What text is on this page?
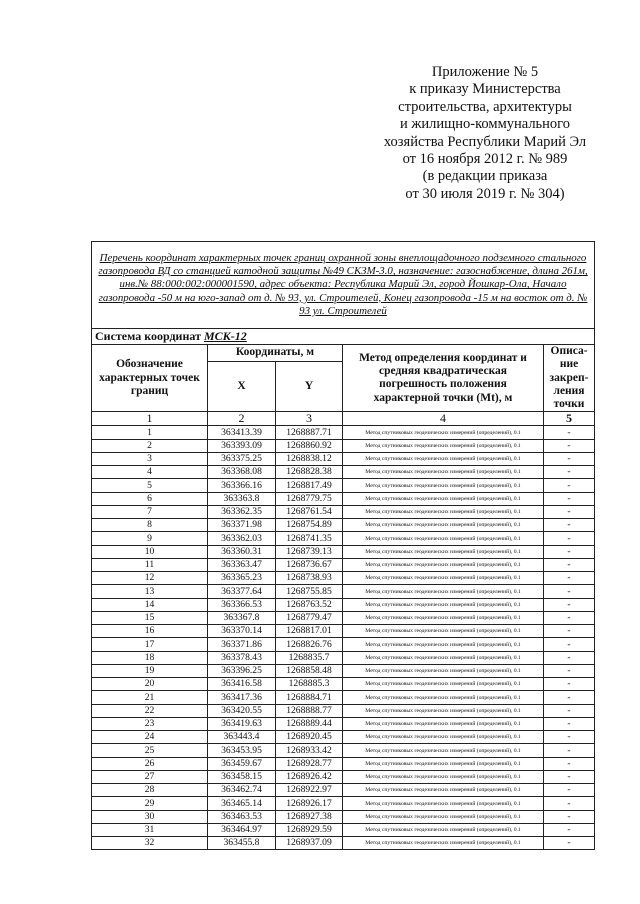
Приложение № 5
к приказу Министерства
строительства, архитектуры
и жилищно-коммунального
хозяйства Республики Марий Эл
от 16 ноября 2012 г. № 989
(в редакции приказа
от 30 июля 2019 г. № 304)
Перечень координат характерных точек границ охранной зоны внеплощадочного подземного стального газопровода ВД со станцией катодной защиты №49 СКЗМ-3.0, назначение: газоснабжение, длина 261м, инв.№ 88:000:002:000001590, адрес объекта: Республика Марий Эл, город Йошкар-Ола, Начало газопровода -50 м на юго-запад от д. № 93, ул. Строителей, Конец газопровода -15 м на восток от д. № 93 ул. Строителей				
Система координат МСК-12				
Обозначение характерных точек границ	Координаты, м		Метод определения координат и средняя квадратическая погрешность положения характерной точки (Mt), м	Описа-ние закреп-ления точки
	X	Y		
1	2	3	4	5
1	363413.39	1268887.71	Метод спутниковых геодезических измерений (определений), 0.1	-
2	363393.09	1268860.92	Метод спутниковых геодезических измерений (определений), 0.1	-
3	363375.25	1268838.12	Метод спутниковых геодезических измерений (определений), 0.1	-
4	363368.08	1268828.38	Метод спутниковых геодезических измерений (определений), 0.1	-
5	363366.16	1268817.49	Метод спутниковых геодезических измерений (определений), 0.1	-
6	363363.8	1268779.75	Метод спутниковых геодезических измерений (определений), 0.1	-
7	363362.35	1268761.54	Метод спутниковых геодезических измерений (определений), 0.1	-
8	363371.98	1268754.89	Метод спутниковых геодезических измерений (определений), 0.1	-
9	363362.03	1268741.35	Метод спутниковых геодезических измерений (определений), 0.1	-
10	363360.31	1268739.13	Метод спутниковых геодезических измерений (определений), 0.1	-
11	363363.47	1268736.67	Метод спутниковых геодезических измерений (определений), 0.1	-
12	363365.23	1268738.93	Метод спутниковых геодезических измерений (определений), 0.1	-
13	363377.64	1268755.85	Метод спутниковых геодезических измерений (определений), 0.1	-
14	363366.53	1268763.52	Метод спутниковых геодезических измерений (определений), 0.1	-
15	363367.8	1268779.47	Метод спутниковых геодезических измерений (определений), 0.1	-
16	363370.14	1268817.01	Метод спутниковых геодезических измерений (определений), 0.1	-
17	363371.86	1268826.76	Метод спутниковых геодезических измерений (определений), 0.1	-
18	363378.43	1268835.7	Метод спутниковых геодезических измерений (определений), 0.1	-
19	363396.25	1268858.48	Метод спутниковых геодезических измерений (определений), 0.1	-
20	363416.58	1268885.3	Метод спутниковых геодезических измерений (определений), 0.1	-
21	363417.36	1268884.71	Метод спутниковых геодезических измерений (определений), 0.1	-
22	363420.55	1268888.77	Метод спутниковых геодезических измерений (определений), 0.1	-
23	363419.63	1268889.44	Метод спутниковых геодезических измерений (определений), 0.1	-
24	363443.4	1268920.45	Метод спутниковых геодезических измерений (определений), 0.1	-
25	363453.95	1268933.42	Метод спутниковых геодезических измерений (определений), 0.1	-
26	363459.67	1268928.77	Метод спутниковых геодезических измерений (определений), 0.1	-
27	363458.15	1268926.42	Метод спутниковых геодезических измерений (определений), 0.1	-
28	363462.74	1268922.97	Метод спутниковых геодезических измерений (определений), 0.1	-
29	363465.14	1268926.17	Метод спутниковых геодезических измерений (определений), 0.1	-
30	363463.53	1268927.38	Метод спутниковых геодезических измерений (определений), 0.1	-
31	363464.97	1268929.59	Метод спутниковых геодезических измерений (определений), 0.1	-
32	363455.8	1268937.09	Метод спутниковых геодезических измерений (определений), 0.1	-
